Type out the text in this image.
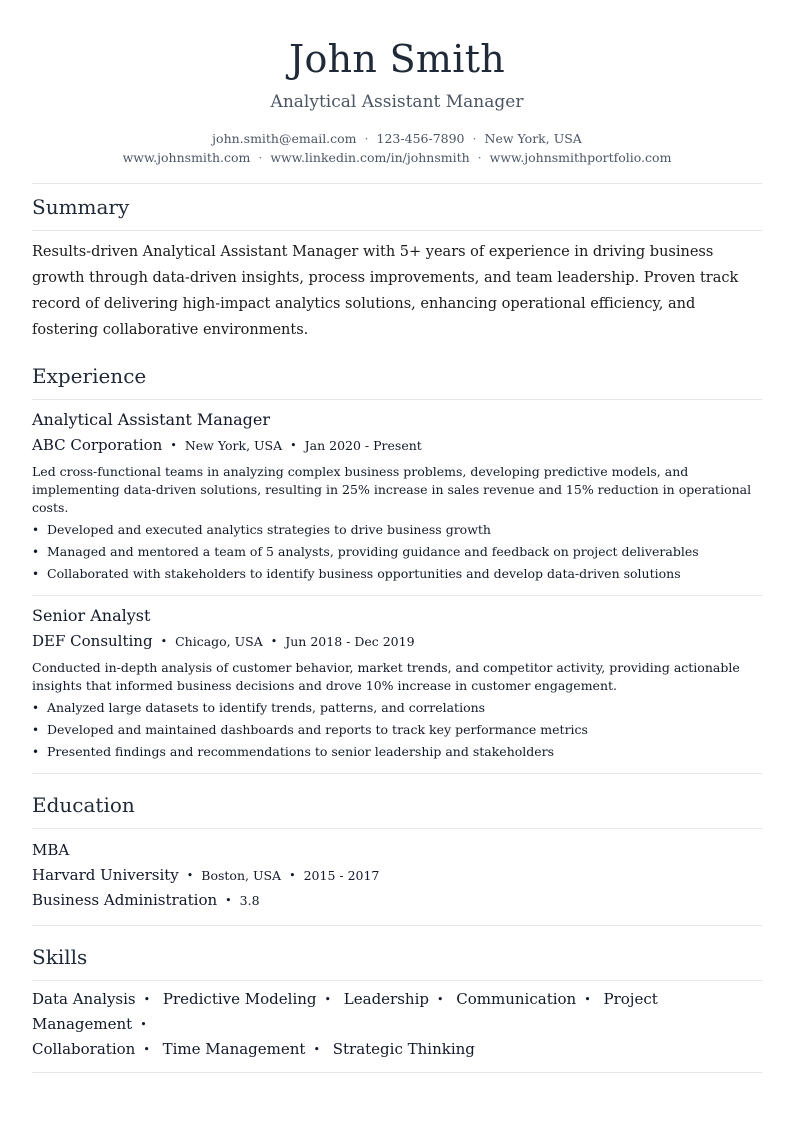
John Smith
Analytical Assistant Manager
john.smith@email.com · 123-456-7890 · New York, USA
www.johnsmith.com · www.linkedin.com/in/johnsmith · www.johnsmithportfolio.com
Summary
Results-driven Analytical Assistant Manager with 5+ years of experience in driving business growth through data-driven insights, process improvements, and team leadership. Proven track record of delivering high-impact analytics solutions, enhancing operational efficiency, and fostering collaborative environments.
Experience
Analytical Assistant Manager
ABC Corporation • New York, USA • Jan 2020 - Present
Led cross-functional teams in analyzing complex business problems, developing predictive models, and implementing data-driven solutions, resulting in 25% increase in sales revenue and 15% reduction in operational costs.
• Developed and executed analytics strategies to drive business growth
• Managed and mentored a team of 5 analysts, providing guidance and feedback on project deliverables
• Collaborated with stakeholders to identify business opportunities and develop data-driven solutions
Senior Analyst
DEF Consulting • Chicago, USA • Jun 2018 - Dec 2019
Conducted in-depth analysis of customer behavior, market trends, and competitor activity, providing actionable insights that informed business decisions and drove 10% increase in customer engagement.
• Analyzed large datasets to identify trends, patterns, and correlations
• Developed and maintained dashboards and reports to track key performance metrics
• Presented findings and recommendations to senior leadership and stakeholders
Education
MBA
Harvard University • Boston, USA • 2015 - 2017
Business Administration • 3.8
Skills
Data Analysis • Predictive Modeling • Leadership • Communication • Project Management •
Collaboration • Time Management • Strategic Thinking
